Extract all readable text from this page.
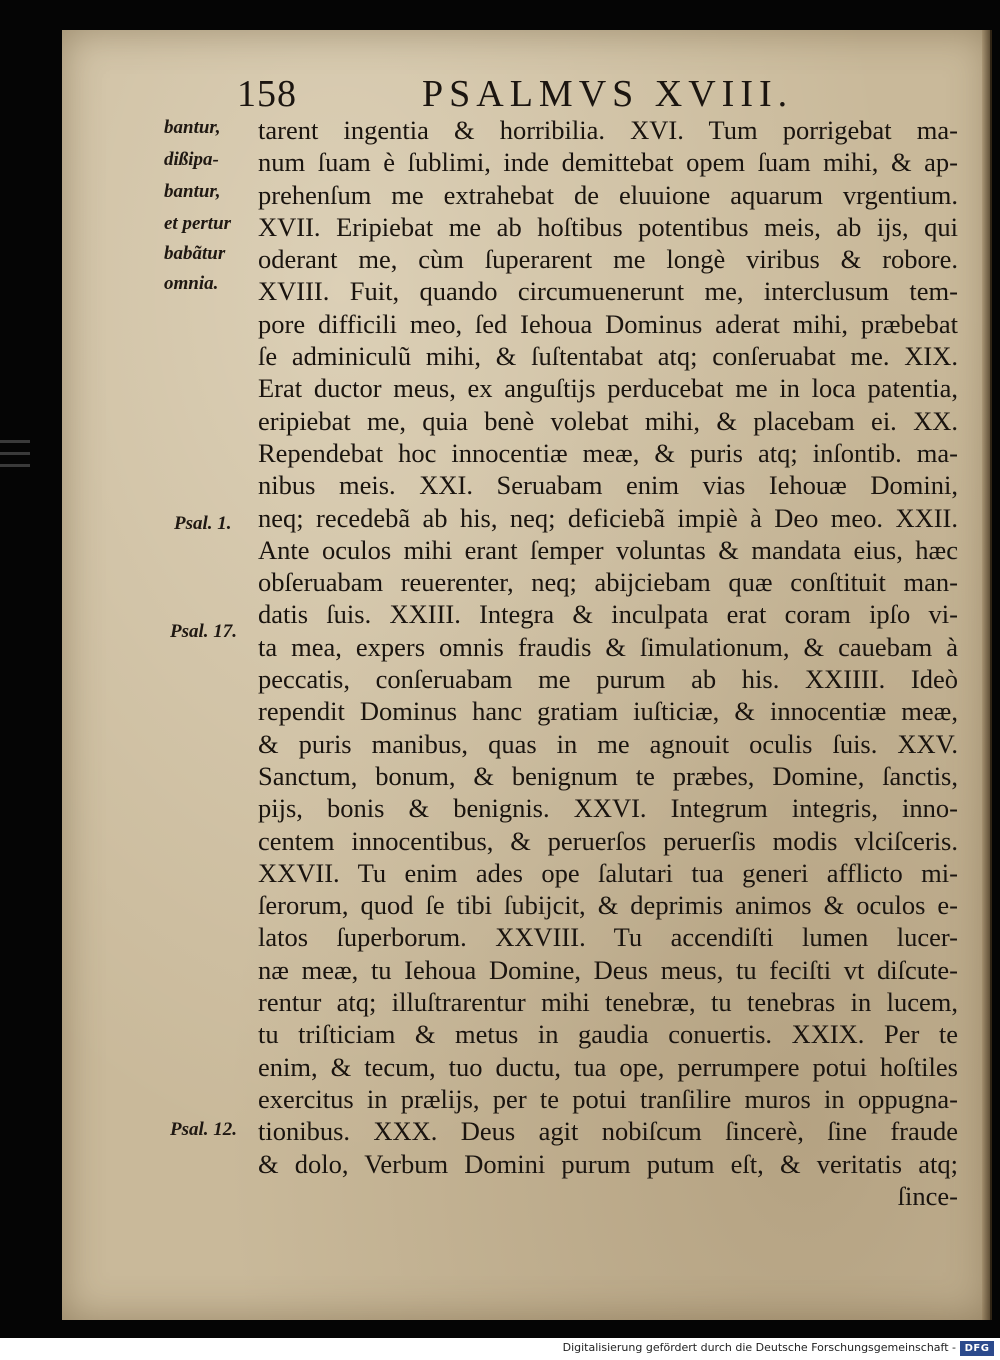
158	PSALMVS XVIII.
bantur,
dißipa-
bantur,
et pertur
babãtur
omnia.
Psal. 1.
Psal. 17.
Psal. 12.
tarent ingentia & horribilia. XVI. Tum porrigebat ma-
num ſuam è ſublimi, inde demittebat opem ſuam mihi, & ap-
prehenſum me extrahebat de eluuione aquarum vrgentium.
XVII. Eripiebat me ab hoſtibus potentibus meis, ab ijs, qui
oderant me, cùm ſuperarent me longè viribus & robore.
XVIII. Fuit, quando circumuenerunt me, interclusum tem-
pore difficili meo, ſed Iehoua Dominus aderat mihi, præbebat
ſe adminiculũ mihi, & ſuſtentabat atq; conſeruabat me. XIX.
Erat ductor meus, ex anguſtijs perducebat me in loca patentia,
eripiebat me, quia benè volebat mihi, & placebam ei. XX.
Rependebat hoc innocentiæ meæ, & puris atq; inſontib. ma-
nibus meis. XXI. Seruabam enim vias Iehouæ Domini,
neq; recedebã ab his, neq; deficiebã impiè à Deo meo. XXII.
Ante oculos mihi erant ſemper voluntas & mandata eius, hæc
obſeruabam reuerenter, neq; abijciebam quæ conſtituit man-
datis ſuis. XXIII. Integra & inculpata erat coram ipſo vi-
ta mea, expers omnis fraudis & ſimulationum, & cauebam à
peccatis, conſeruabam me purum ab his. XXIIII. Ideò
rependit Dominus hanc gratiam iuſticiæ, & innocentiæ meæ,
& puris manibus, quas in me agnouit oculis ſuis. XXV.
Sanctum, bonum, & benignum te præbes, Domine, ſanctis,
pijs, bonis & benignis. XXVI. Integrum integris, inno-
centem innocentibus, & peruerſos peruerſis modis vlciſceris.
XXVII. Tu enim ades ope ſalutari tua generi afflicto mi-
ſerorum, quod ſe tibi ſubijcit, & deprimis animos & oculos e-
latos ſuperborum. XXVIII. Tu accendiſti lumen lucer-
næ meæ, tu Iehoua Domine, Deus meus, tu feciſti vt diſcute-
rentur atq; illuſtrarentur mihi tenebræ, tu tenebras in lucem,
tu triſticiam & metus in gaudia conuertis. XXIX. Per te
enim, & tecum, tuo ductu, tua ope, perrumpere potui hoſtiles
exercitus in prælijs, per te potui tranſilire muros in oppugna-
tionibus. XXX. Deus agit nobiſcum ſincerè, ſine fraude
& dolo, Verbum Domini purum putum eſt, & veritatis atq;
ſince-
Digitalisierung gefördert durch die Deutsche Forschungsgemeinschaft - DFG
